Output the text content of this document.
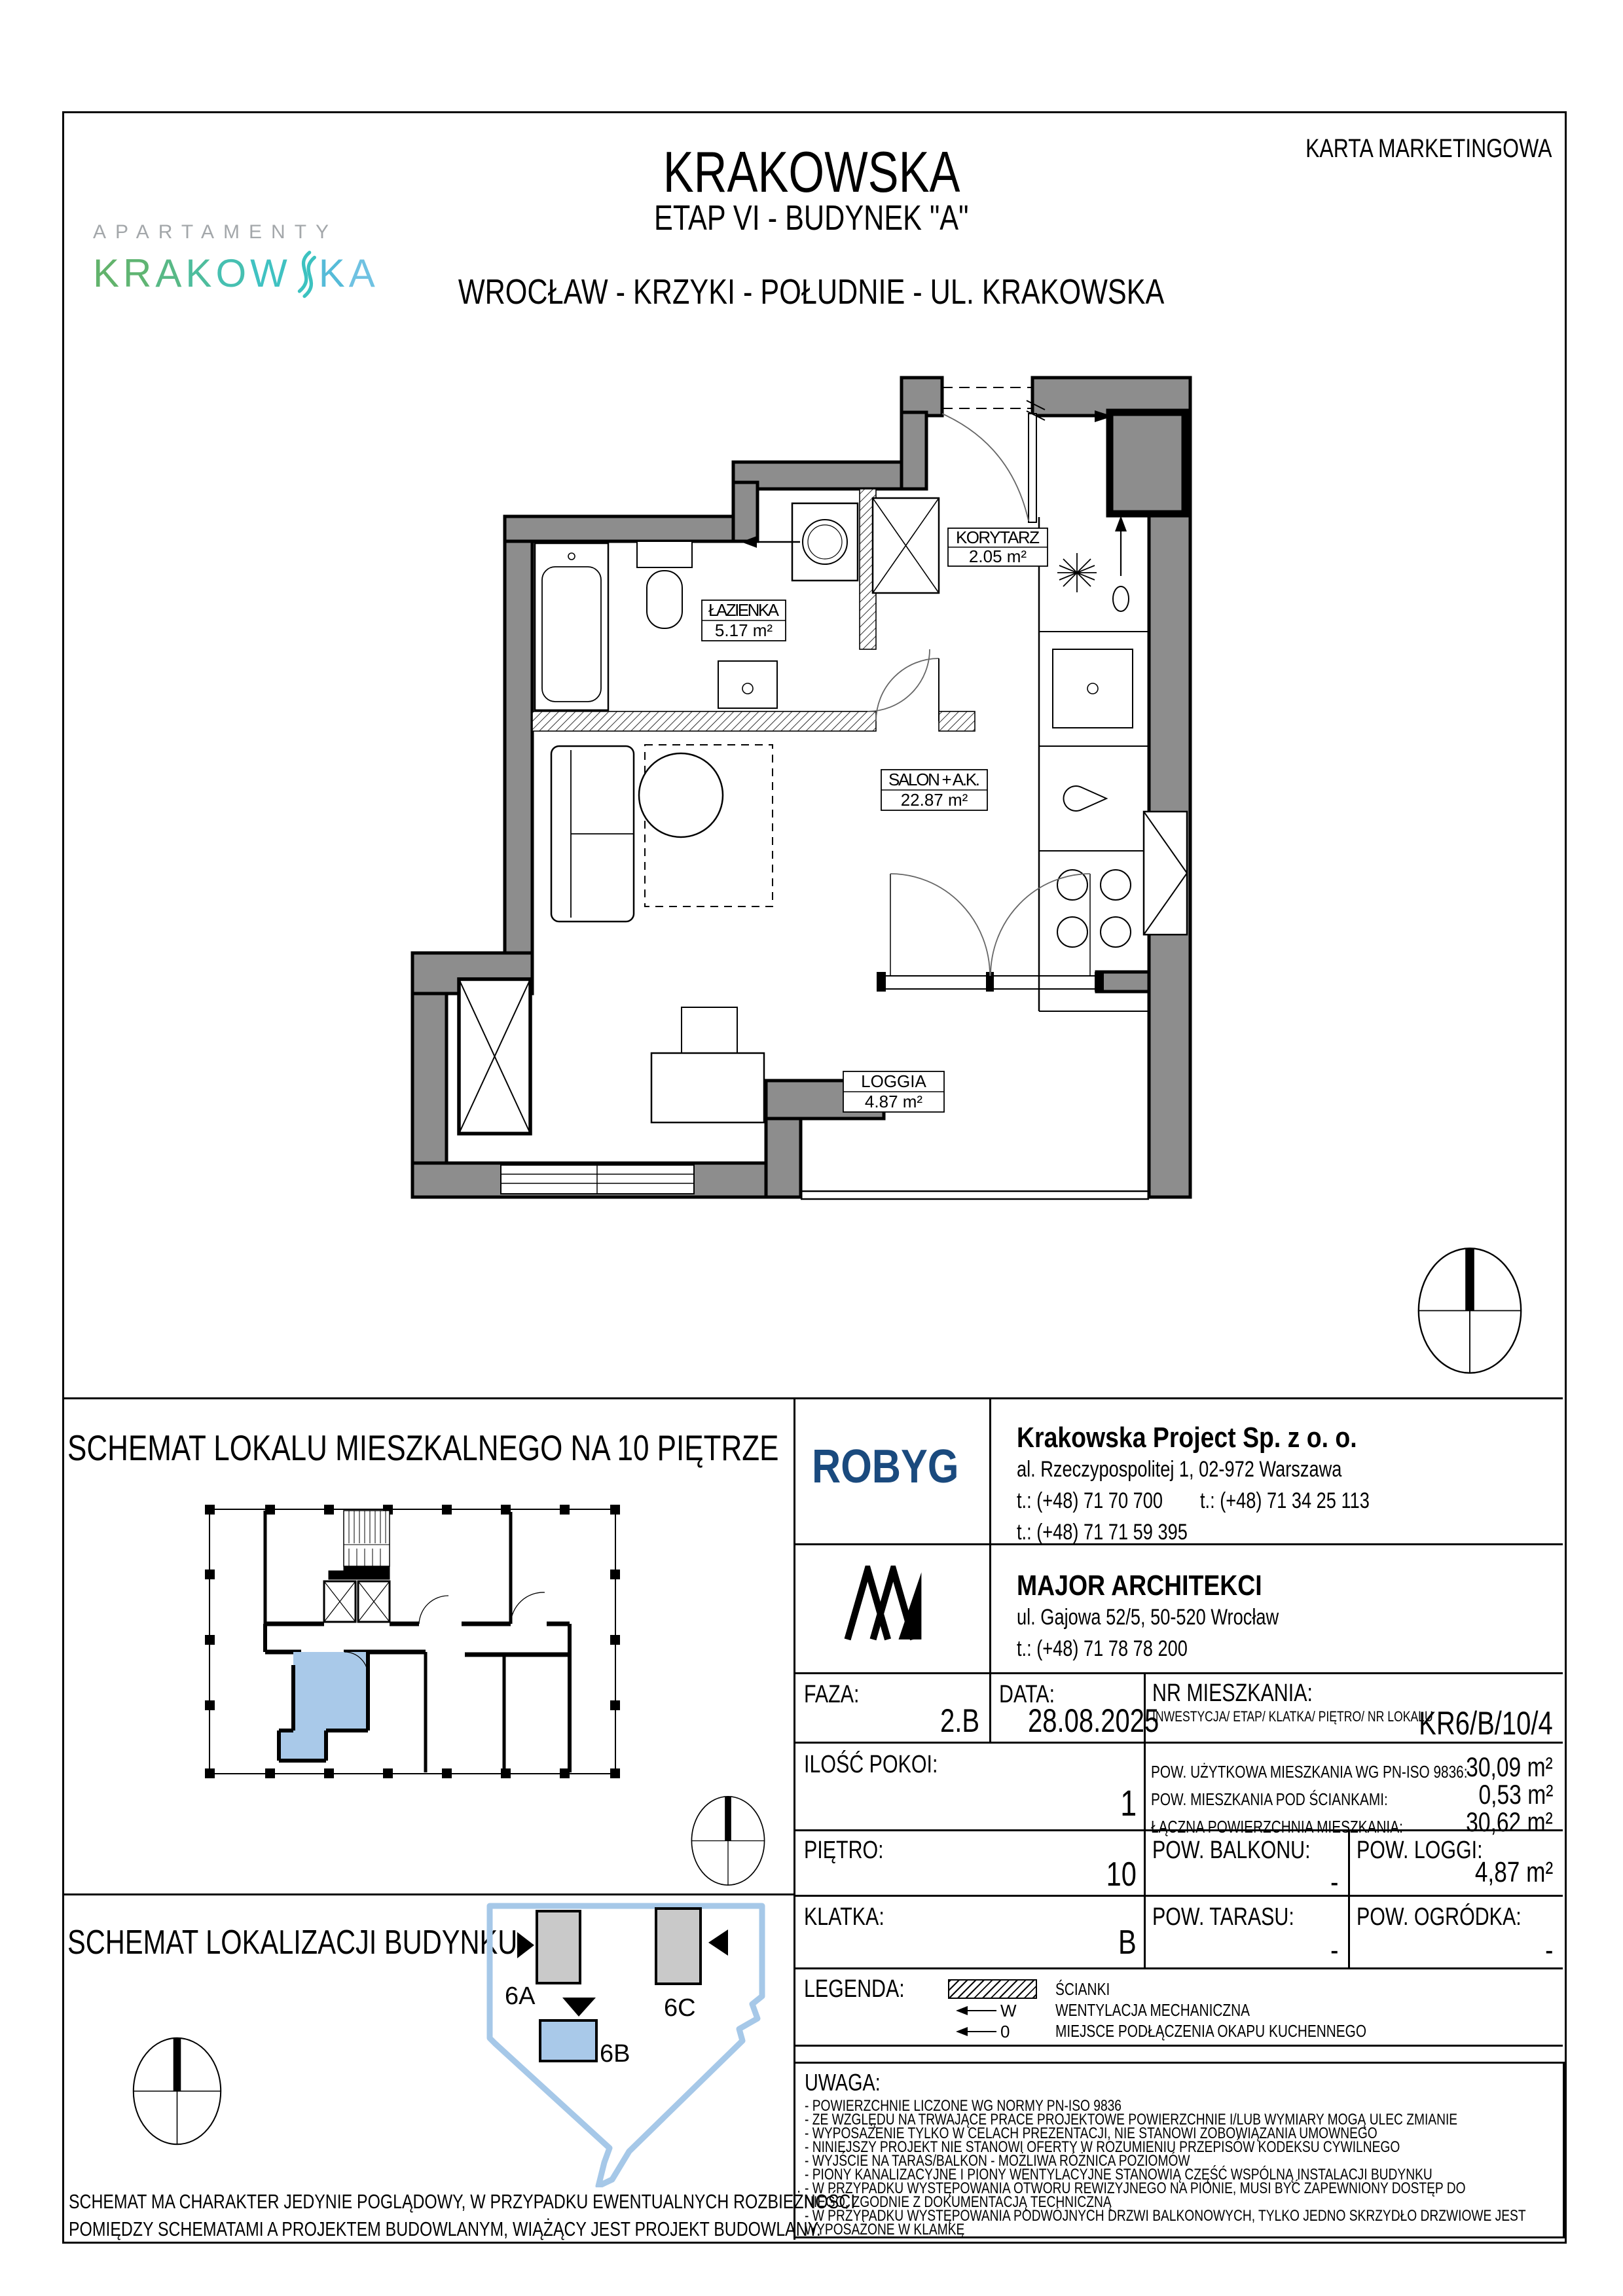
APARTAMENTY
K R A K O W K A
KRAKOWSKA
ETAP VI - BUDYNEK "A"
WROCŁAW - KRZYKI - POŁUDNIE - UL. KRAKOWSKA
KARTA MARKETINGOWA
KORYTARZ
2.05 m²
ŁAZIENKA
5.17 m²
SALON + A.K.
22.87 m²
LOGGIA
4.87 m²
SCHEMAT LOKALU MIESZKALNEGO NA 10 PIĘTRZE
SCHEMAT LOKALIZACJI BUDYNKU
6A	6C
6B
SCHEMAT MA CHARAKTER JEDYNIE POGLĄDOWY, W PRZYPADKU EWENTUALNYCH ROZBIEŻNOŚCI
POMIĘDZY SCHEMATAMI A PROJEKTEM BUDOWLANYM, WIĄŻĄCY JEST PROJEKT BUDOWLANY.
ROBYG
Krakowska Project Sp. z o. o.
al. Rzeczypospolitej 1, 02-972 Warszawa
t.: (+48) 71 70 700	t.: (+48) 71 34 25 113
t.: (+48) 71 71 59 395
MAJOR ARCHITEKCI
ul. Gajowa 52/5, 50-520 Wrocław
t.: (+48) 71 78 78 200
FAZA:
2.B
DATA:
28.08.2025
NR MIESZKANIA:
INWESTYCJA/ ETAP/ KLATKA/ PIĘTRO/ NR LOKALU
KR6/B/10/4
ILOŚĆ POKOI:
1
POW. UŻYTKOWA MIESZKANIA WG PN-ISO 9836:
30,09 m²
POW. MIESZKANIA POD ŚCIANKAMI:	0,53 m²
ŁĄCZNA POWIERZCHNIA MIESZKANIA:	30,62 m²
PIĘTRO:
10
POW. BALKONU:
-
POW. LOGGI:
4,87 m²
KLATKA:
B
POW. TARASU:
-
POW. OGRÓDKA:
-
LEGENDA:	ŚCIANKI
W WENTYLACJA MECHANICZNA
0	MIEJSCE PODŁĄCZENIA OKAPU KUCHENNEGO
UWAGA:
- POWIERZCHNIE LICZONE WG NORMY PN-ISO 9836
- ZE WZGLĘDU NA TRWAJĄCE PRACE PROJEKTOWE POWIERZCHNIE I/LUB WYMIARY MOGĄ ULEC ZMIANIE
- WYPOSAŻENIE TYLKO W CELACH PREZENTACJI, NIE STANOWI ZOBOWIĄZANIA UMOWNEGO
- NINIEJSZY PROJEKT NIE STANOWI OFERTY W ROZUMIENIU PRZEPISÓW KODEKSU CYWILNEGO
- WYJŚCIE NA TARAS/BALKON - MOŻLIWA RÓŻNICA POZIOMÓW
- PIONY KANALIZACYJNE I PIONY WENTYLACYJNE STANOWIĄ CZĘŚĆ WSPÓLNĄ INSTALACJI BUDYNKU
- W PRZYPADKU WYSTĘPOWANIA OTWORU REWIZYJNEGO NA PIONIE, MUSI BYĆ ZAPEWNIONY DOSTĘP DO
NIEGO, ZGODNIE Z DOKUMENTACJĄ TECHNICZNĄ
- W PRZYPADKU WYSTĘPOWANIA PODWÓJNYCH DRZWI BALKONOWYCH, TYLKO JEDNO SKRZYDŁO DRZWIOWE JEST
WYPOSAŻONE W KLAMKĘ
